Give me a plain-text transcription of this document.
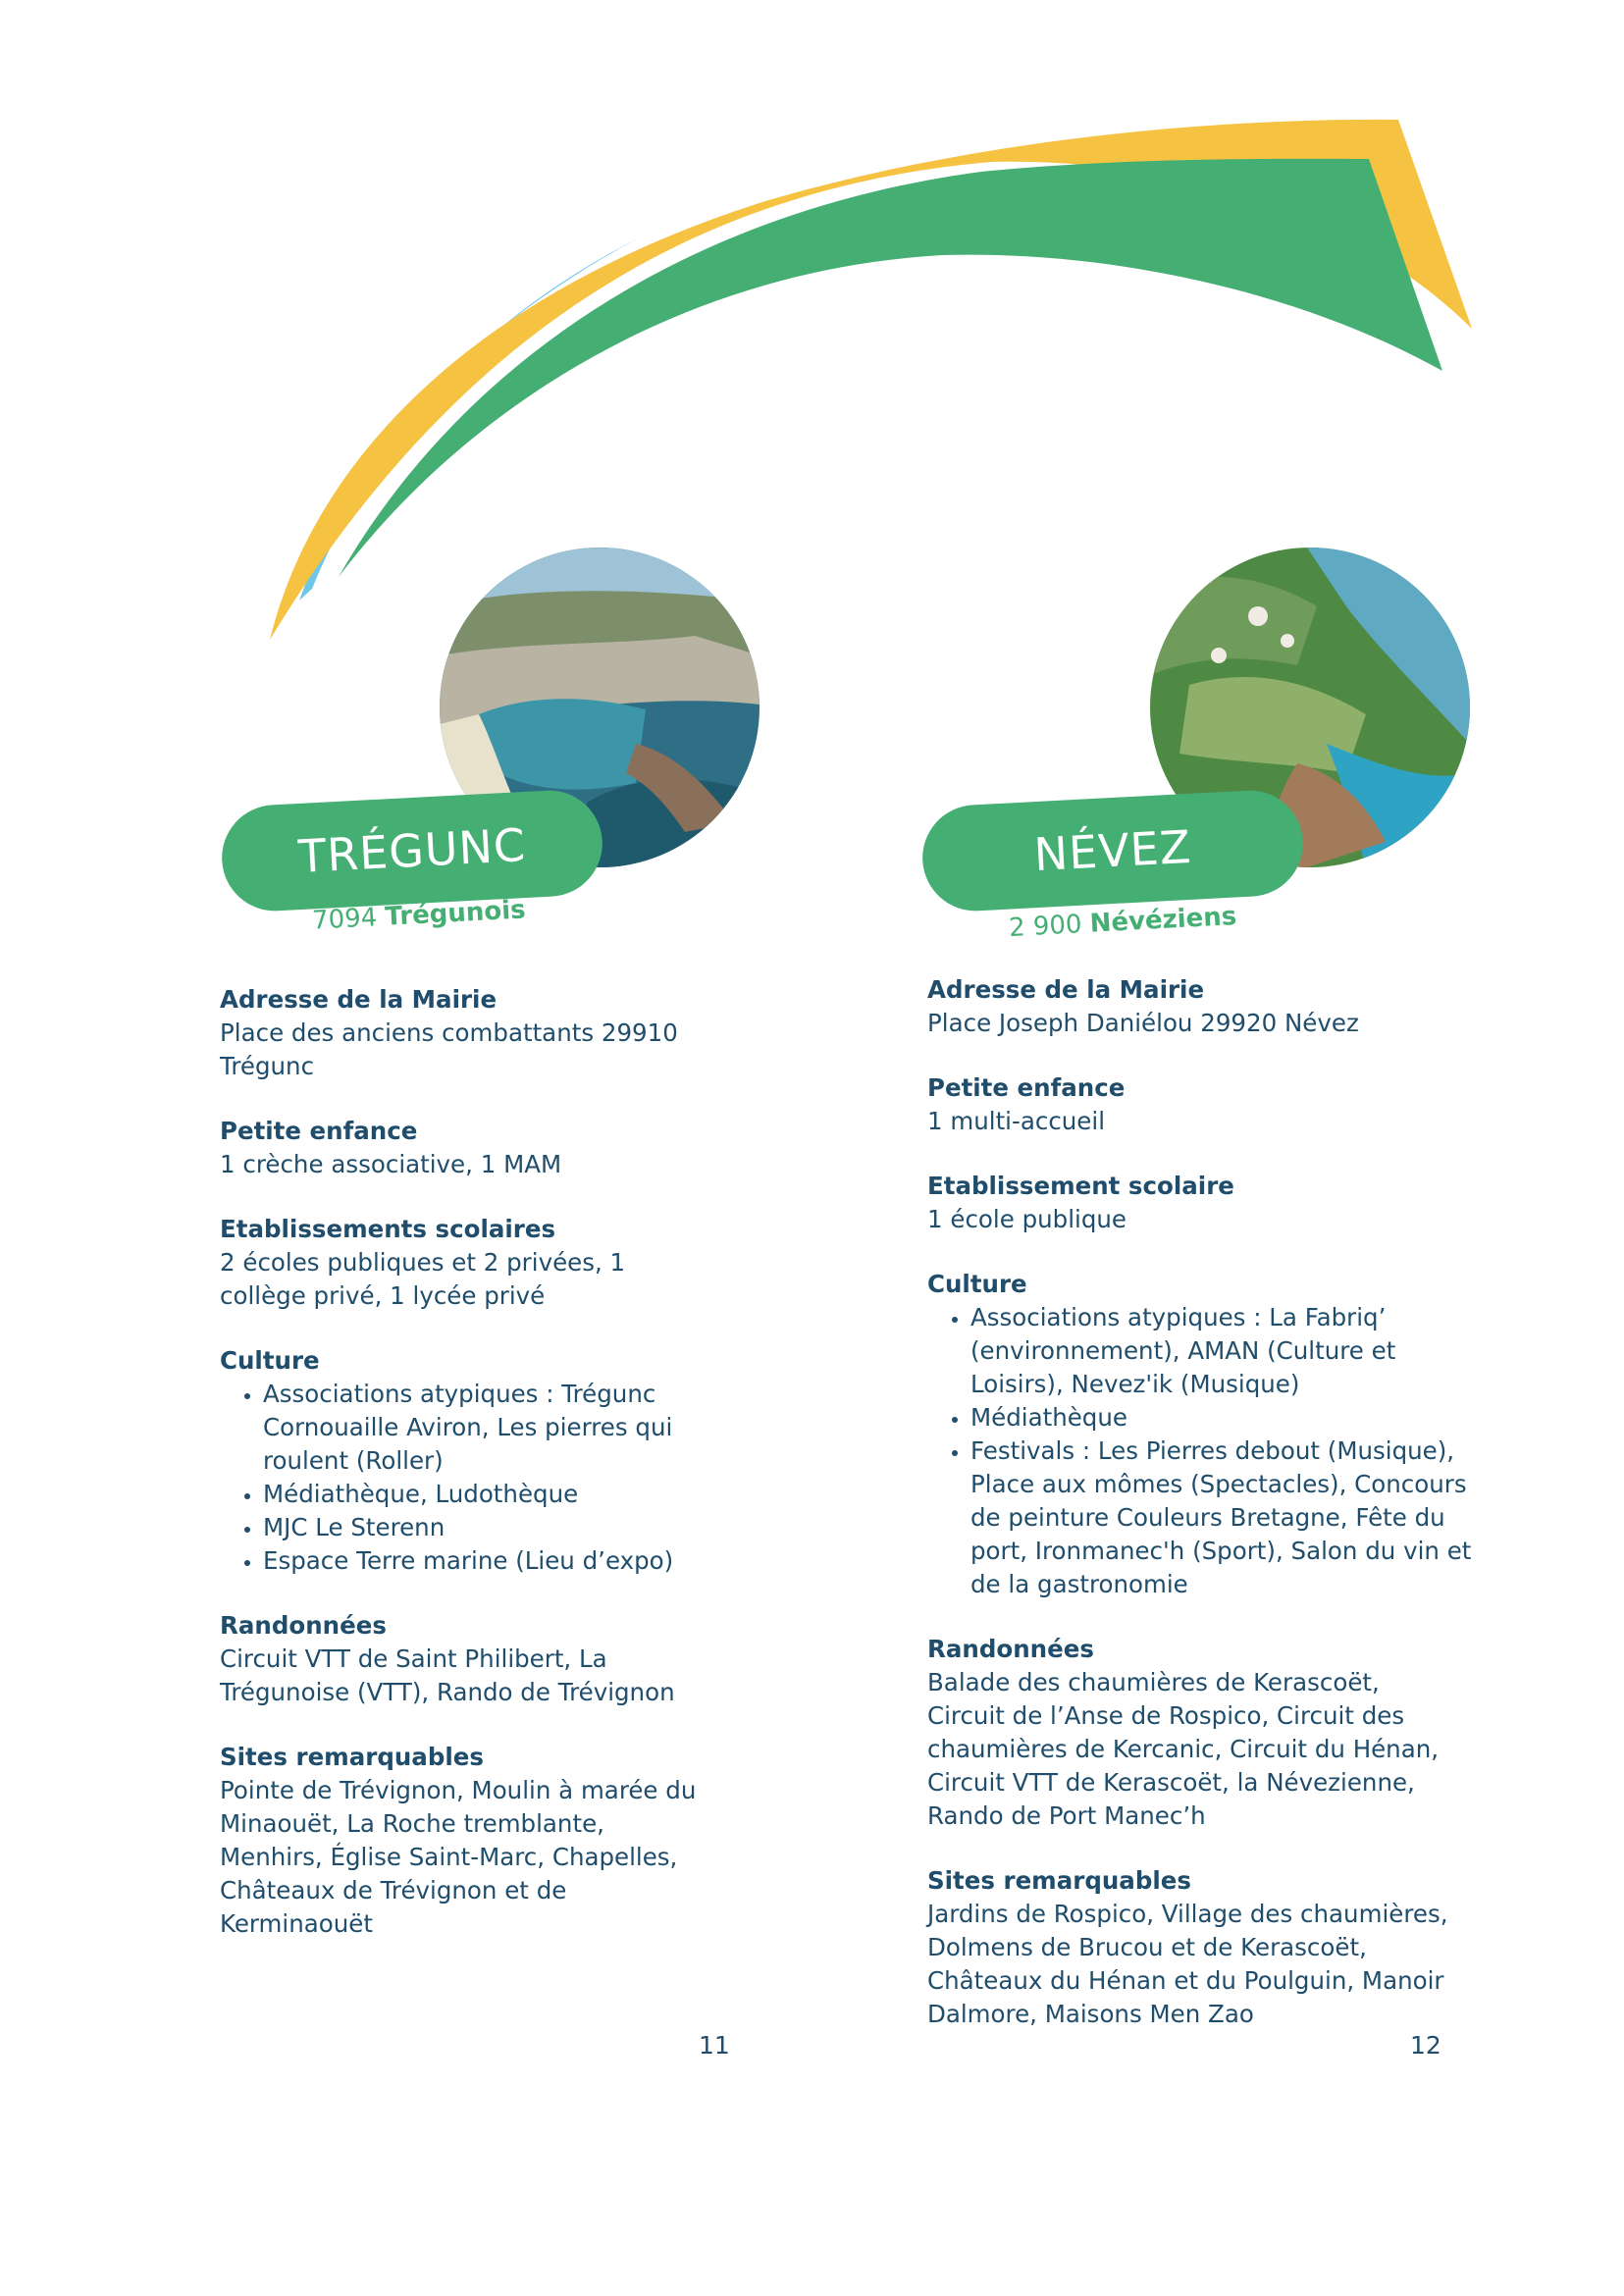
TRÉGUNC
7094 Trégunois
Adresse de la Mairie
Place des anciens combattants 29910 Trégunc
Petite enfance
1 crèche associative, 1 MAM
Etablissements scolaires
2 écoles publiques et 2 privées, 1 collège privé, 1 lycée privé
Culture
• Associations atypiques : Trégunc Cornouaille Aviron, Les pierres qui roulent (Roller)
• Médiathèque, Ludothèque
• MJC Le Sterenn
• Espace Terre marine (Lieu d’expo)
Randonnées
Circuit VTT de Saint Philibert, La Trégunoise (VTT), Rando de Trévignon
Sites remarquables
Pointe de Trévignon, Moulin à marée du Minaouët, La Roche tremblante, Menhirs, Église Saint-Marc, Chapelles, Châteaux de Trévignon et de Kerminaouët
11
NÉVEZ
2 900 Névéziens
Adresse de la Mairie
Place Joseph Daniélou 29920 Névez
Petite enfance
1 multi-accueil
Etablissement scolaire
1 école publique
Culture
• Associations atypiques : La Fabriq’ (environnement), AMAN (Culture et Loisirs), Nevez'ik (Musique)
• Médiathèque
• Festivals : Les Pierres debout (Musique), Place aux mômes (Spectacles), Concours de peinture Couleurs Bretagne, Fête du port, Ironmanec'h (Sport), Salon du vin et de la gastronomie
Randonnées
Balade des chaumières de Kerascoët, Circuit de l’Anse de Rospico, Circuit des chaumières de Kercanic, Circuit du Hénan, Circuit VTT de Kerascoët, la Névezienne, Rando de Port Manec’h
Sites remarquables
Jardins de Rospico, Village des chaumières, Dolmens de Brucou et de Kerascoët, Châteaux du Hénan et du Poulguin, Manoir Dalmore, Maisons Men Zao
12
